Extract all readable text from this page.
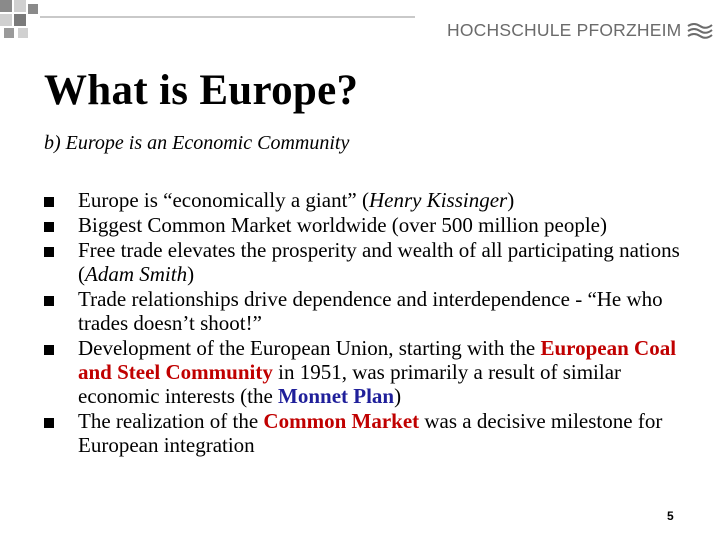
HOCHSCHULE PFORZHEIM
What is Europe?
b) Europe is an Economic Community
Europe is “economically a giant” (Henry Kissinger)
Biggest Common Market worldwide (over 500 million people)
Free trade elevates the prosperity and wealth of all participating nations (Adam Smith)
Trade relationships drive dependence and interdependence - “He who trades doesn’t shoot!”
Development of the European Union, starting with the European Coal and Steel Community in 1951, was primarily a result of similar economic interests (the Monnet Plan)
The realization of the Common Market was a decisive milestone for European integration
5
